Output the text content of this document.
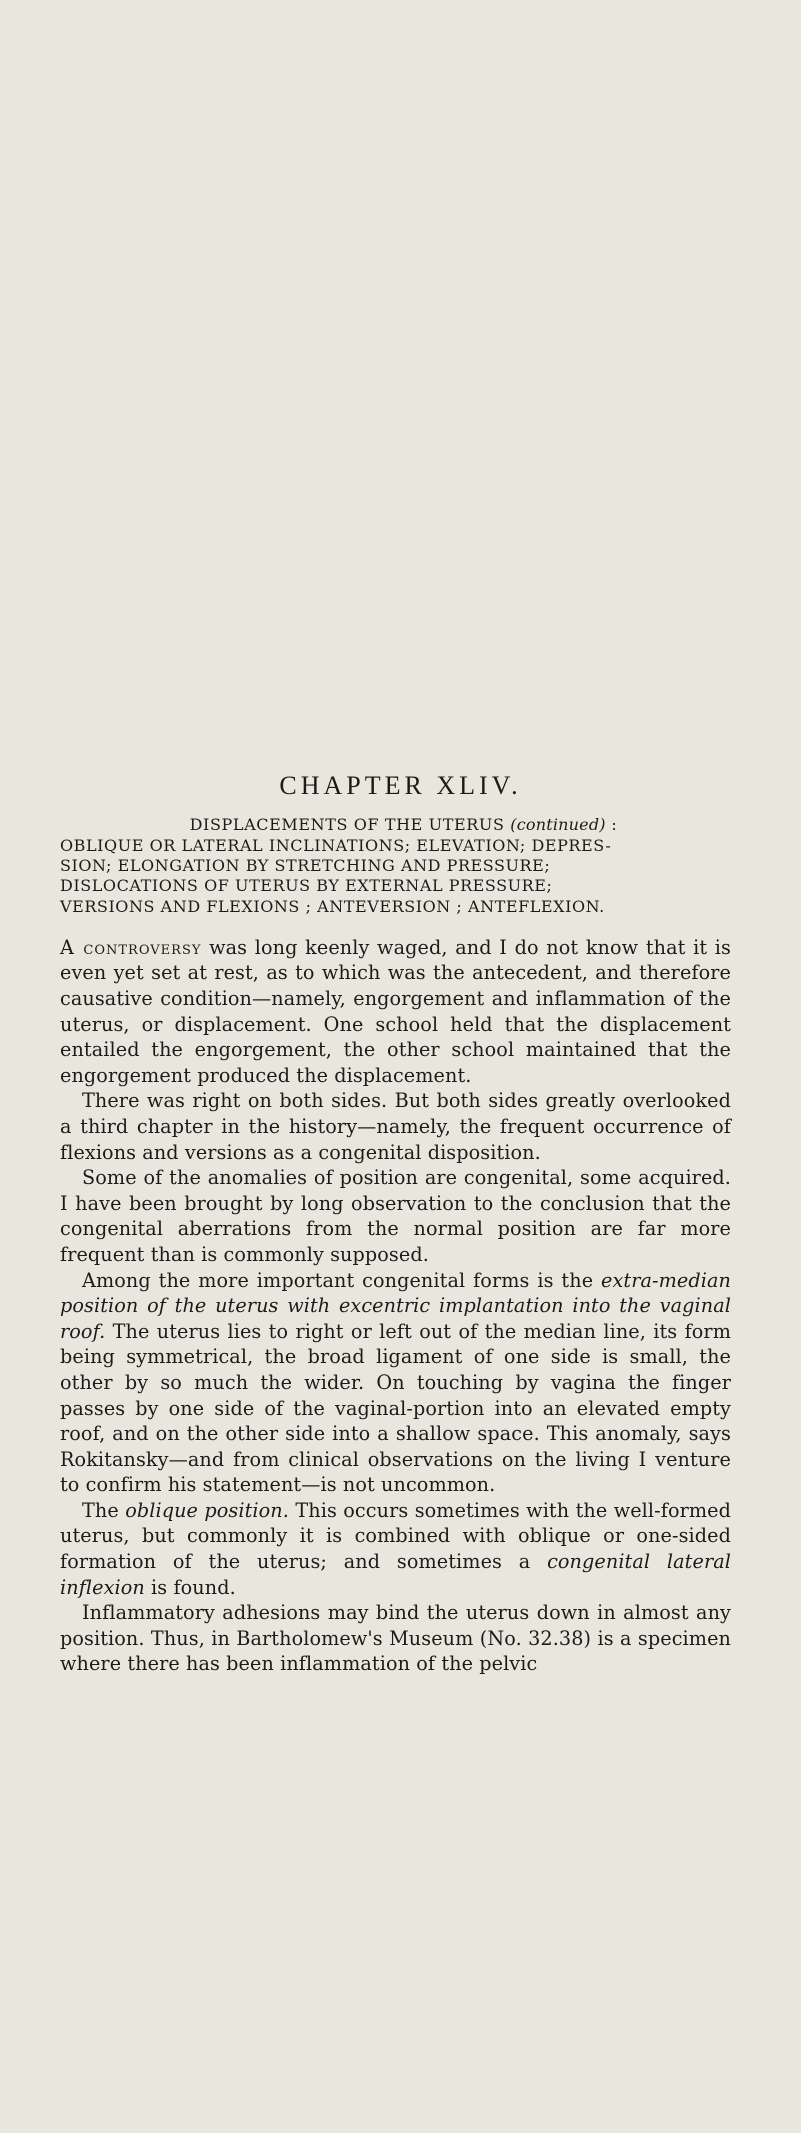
CHAPTER XLIV.
DISPLACEMENTS OF THE UTERUS (continued) :
OBLIQUE OR LATERAL INCLINATIONS; ELEVATION; DEPRES-
SION; ELONGATION BY STRETCHING AND PRESSURE;
DISLOCATIONS OF UTERUS BY EXTERNAL PRESSURE;
VERSIONS AND FLEXIONS ; ANTEVERSION ; ANTEFLEXION.

A controversy was long keenly waged, and I do not know that it is even yet set at rest, as to which was the antecedent, and therefore causative condition—namely, engorgement and inflammation of the uterus, or displacement. One school held that the displacement entailed the engorgement, the other school maintained that the engorgement produced the displacement.

There was right on both sides. But both sides greatly overlooked a third chapter in the history—namely, the frequent occurrence of flexions and versions as a congenital disposition.

Some of the anomalies of position are congenital, some acquired. I have been brought by long observation to the conclusion that the congenital aberrations from the normal position are far more frequent than is commonly supposed.

Among the more important congenital forms is the extra-median position of the uterus with excentric implantation into the vaginal roof. The uterus lies to right or left out of the median line, its form being symmetrical, the broad ligament of one side is small, the other by so much the wider. On touching by vagina the finger passes by one side of the vaginal-portion into an elevated empty roof, and on the other side into a shallow space. This anomaly, says Rokitansky—and from clinical observations on the living I venture to confirm his statement—is not uncommon.

The oblique position. This occurs sometimes with the well-formed uterus, but commonly it is combined with oblique or one-sided formation of the uterus; and sometimes a congenital lateral inflexion is found.

Inflammatory adhesions may bind the uterus down in almost any position. Thus, in Bartholomew's Museum (No. 32.38) is a specimen where there has been inflammation of the pelvic
